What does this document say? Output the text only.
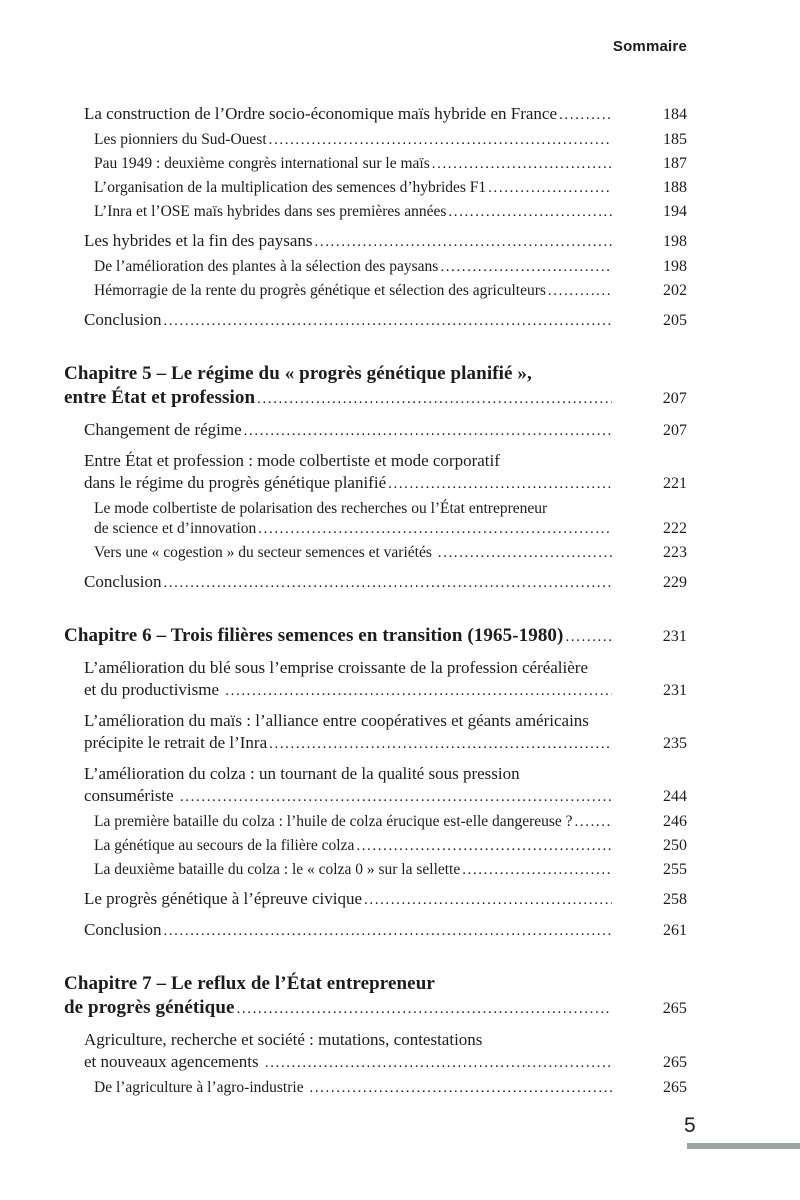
Sommaire
La construction de l’Ordre socio-économique maïs hybride en France .....	184
Les pionniers du Sud-Ouest .....	185
Pau 1949 : deuxième congrès international sur le maïs .....	187
L’organisation de la multiplication des semences d’hybrides F1 .....	188
L’Inra et l’OSE maïs hybrides dans ses premières années .....	194
Les hybrides et la fin des paysans .....	198
De l’amélioration des plantes à la sélection des paysans .....	198
Hémorragie de la rente du progrès génétique et sélection des agriculteurs .....	202
Conclusion .....	205
Chapitre 5 – Le régime du « progrès génétique planifié »,
entre État et profession .....	207
Changement de régime .....	207
Entre État et profession : mode colbertiste et mode corporatif
dans le régime du progrès génétique planifié .....	221
Le mode colbertiste de polarisation des recherches ou l’État entrepreneur
de science et d’innovation .....	222
Vers une « cogestion » du secteur semences et variétés .....	223
Conclusion .....	229
Chapitre 6 – Trois filières semences en transition (1965-1980) .....	231
L’amélioration du blé sous l’emprise croissante de la profession céréalière
et du productivisme .....	231
L’amélioration du maïs : l’alliance entre coopératives et géants américains
précipite le retrait de l’Inra .....	235
L’amélioration du colza : un tournant de la qualité sous pression
consumériste .....	244
La première bataille du colza : l’huile de colza érucique est-elle dangereuse ? .....	246
La génétique au secours de la filière colza .....	250
La deuxième bataille du colza : le « colza 0 » sur la sellette .....	255
Le progrès génétique à l’épreuve civique .....	258
Conclusion .....	261
Chapitre 7 – Le reflux de l’État entrepreneur
de progrès génétique .....	265
Agriculture, recherche et société : mutations, contestations
et nouveaux agencements .....	265
De l’agriculture à l’agro-industrie .....	265
5
